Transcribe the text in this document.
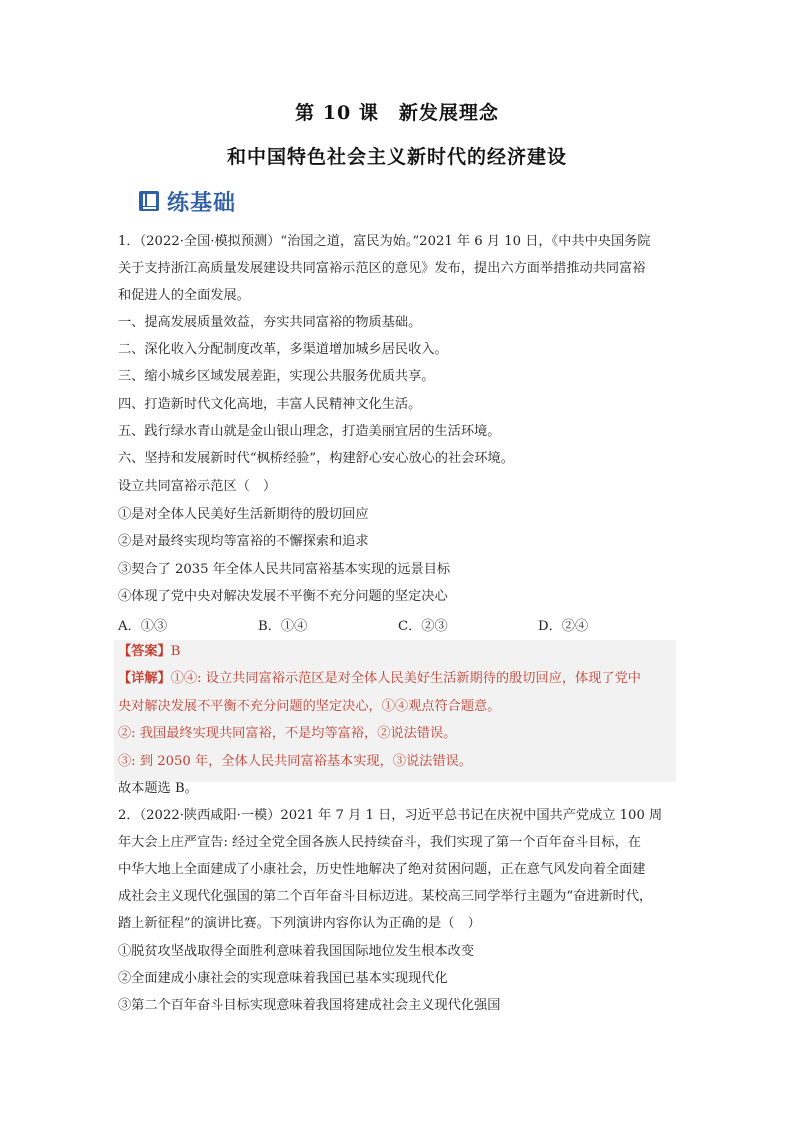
第 10 课　新发展理念
和中国特色社会主义新时代的经济建设
练基础
1．（2022·全国·模拟预测）“治国之道，富民为始。”2021 年 6 月 10 日，《中共中央国务院
关于支持浙江高质量发展建设共同富裕示范区的意见》发布，提出六方面举措推动共同富裕
和促进人的全面发展。
一、提高发展质量效益，夯实共同富裕的物质基础。
二、深化收入分配制度改革，多渠道增加城乡居民收入。
三、缩小城乡区域发展差距，实现公共服务优质共享。
四、打造新时代文化高地，丰富人民精神文化生活。
五、践行绿水青山就是金山银山理念，打造美丽宜居的生活环境。
六、坚持和发展新时代“枫桥经验”，构建舒心安心放心的社会环境。
设立共同富裕示范区（　）
①是对全体人民美好生活新期待的殷切回应
②是对最终实现均等富裕的不懈探索和追求
③契合了 2035 年全体人民共同富裕基本实现的远景目标
④体现了党中央对解决发展不平衡不充分问题的坚定决心
A．①③	B．①④	C．②③	D．②④
【答案】B
【详解】①④: 设立共同富裕示范区是对全体人民美好生活新期待的殷切回应，体现了党中
央对解决发展不平衡不充分问题的坚定决心，①④观点符合题意。
②: 我国最终实现共同富裕，不是均等富裕，②说法错误。
③: 到 2050 年，全体人民共同富裕基本实现，③说法错误。
故本题选 B。
2．（2022·陕西咸阳·一模）2021 年 7 月 1 日，习近平总书记在庆祝中国共产党成立 100 周
年大会上庄严宣告: 经过全党全国各族人民持续奋斗，我们实现了第一个百年奋斗目标，在
中华大地上全面建成了小康社会，历史性地解决了绝对贫困问题，正在意气风发向着全面建
成社会主义现代化强国的第二个百年奋斗目标迈进。某校高三同学举行主题为“奋进新时代，
踏上新征程”的演讲比赛。下列演讲内容你认为正确的是（　）
①脱贫攻坚战取得全面胜利意味着我国国际地位发生根本改变
②全面建成小康社会的实现意味着我国已基本实现现代化
③第二个百年奋斗目标实现意味着我国将建成社会主义现代化强国
